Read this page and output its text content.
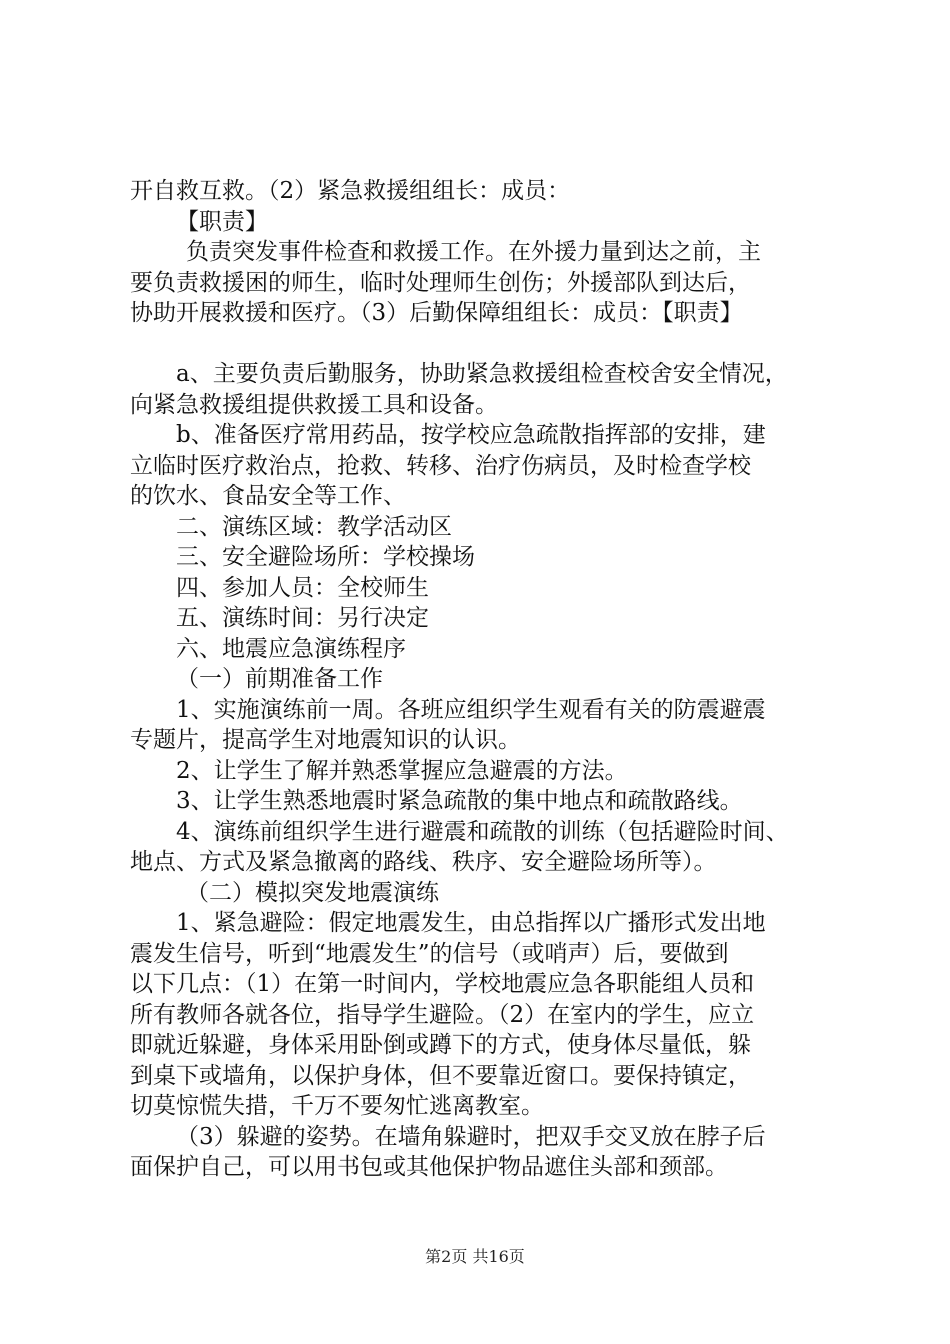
开自救互救。（2）紧急救援组组长：成员：
【职责】
负责突发事件检查和救援工作。在外援力量到达之前，主
要负责救援困的师生，临时处理师生创伤；外援部队到达后，
协助开展救援和医疗。（3）后勤保障组组长：成员：【职责】
a、主要负责后勤服务，协助紧急救援组检查校舍安全情况，
向紧急救援组提供救援工具和设备。
b、准备医疗常用药品，按学校应急疏散指挥部的安排，建
立临时医疗救治点，抢救、转移、治疗伤病员，及时检查学校
的饮水、食品安全等工作、
二、演练区域：教学活动区
三、安全避险场所：学校操场
四、参加人员：全校师生
五、演练时间：另行决定
六、地震应急演练程序
（一）前期准备工作
1、实施演练前一周。各班应组织学生观看有关的防震避震
专题片，提高学生对地震知识的认识。
2、让学生了解并熟悉掌握应急避震的方法。
3、让学生熟悉地震时紧急疏散的集中地点和疏散路线。
4、演练前组织学生进行避震和疏散的训练（包括避险时间、
地点、方式及紧急撤离的路线、秩序、安全避险场所等）。
（二）模拟突发地震演练
1、紧急避险：假定地震发生，由总指挥以广播形式发出地
震发生信号，听到“地震发生”的信号（或哨声）后，要做到
以下几点：（1）在第一时间内，学校地震应急各职能组人员和
所有教师各就各位，指导学生避险。（2）在室内的学生，应立
即就近躲避，身体采用卧倒或蹲下的方式，使身体尽量低，躲
到桌下或墙角，以保护身体，但不要靠近窗口。要保持镇定，
切莫惊慌失措，千万不要匆忙逃离教室。
（3）躲避的姿势。在墙角躲避时，把双手交叉放在脖子后
面保护自己，可以用书包或其他保护物品遮住头部和颈部。
第2页 共16页
